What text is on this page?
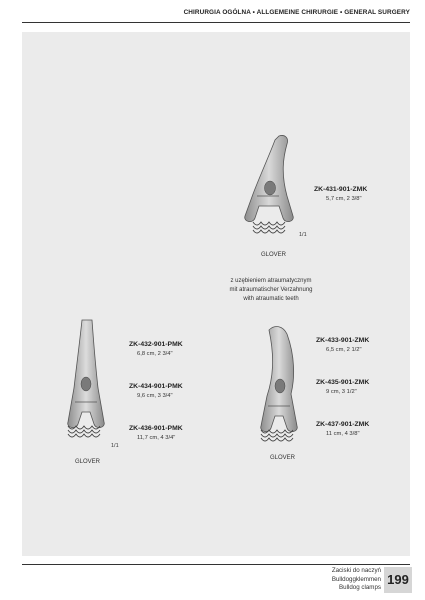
CHIRURGIA OGÓLNA • ALLGEMEINE CHIRURGIE • GENERAL SURGERY
ZK-431-901-ZMK
5,7 cm, 2 3/8"
GLOVER
1/1
z uzębieniem atraumatycznym
mit atraumatischer Verzahnung
with atraumatic teeth
ZK-432-901-PMK
6,8 cm, 2 3/4"
ZK-434-901-PMK
9,6 cm, 3 3/4"
ZK-436-901-PMK
11,7 cm, 4 3/4"
GLOVER
1/1
ZK-433-901-ZMK
6,5 cm, 2 1/2"
ZK-435-901-ZMK
9 cm, 3 1/2"
ZK-437-901-ZMK
11 cm, 4 3/8"
GLOVER
Zaciski do naczyń
Bulldoggklemmen
Bulldog clamps
199
